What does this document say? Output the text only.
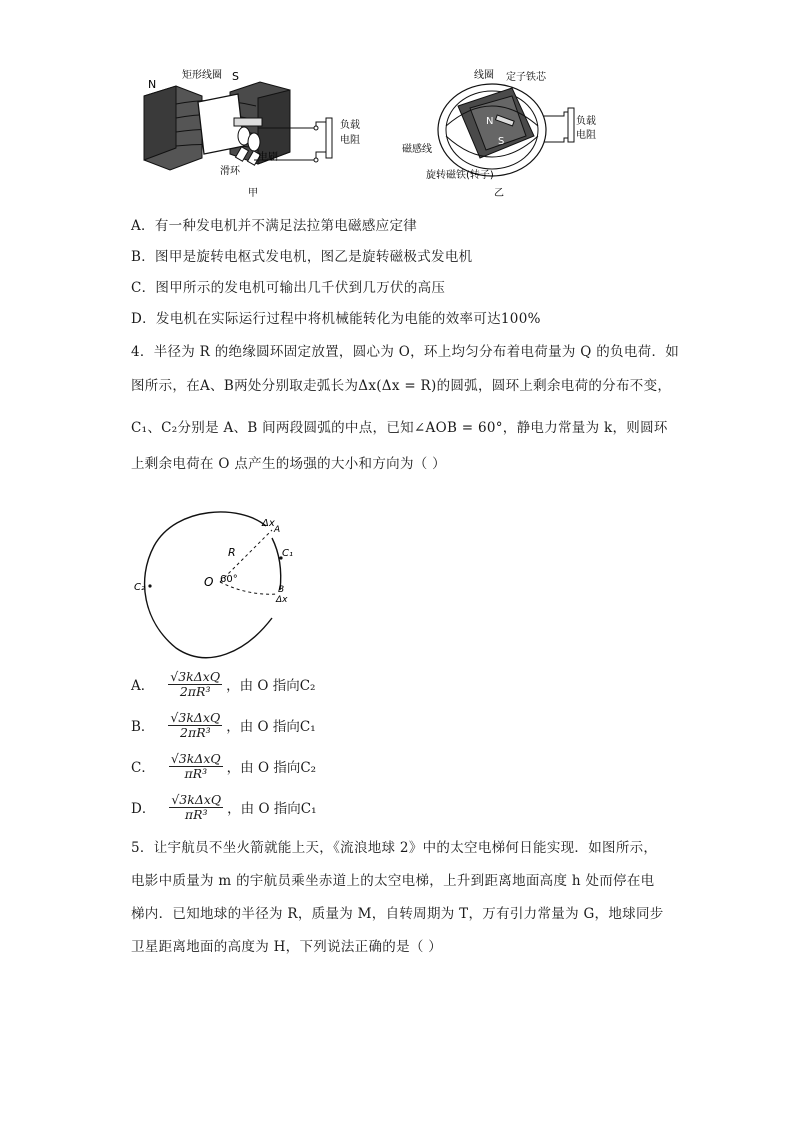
N
S
矩形线圈
负载
电阻
电刷
滑环
甲
线圈 定子铁芯
N
S
磁感线
负载
电阻
旋转磁铁(转子)
乙
A．有一种发电机并不满足法拉第电磁感应定律
B．图甲是旋转电枢式发电机，图乙是旋转磁极式发电机
C．图甲所示的发电机可输出几千伏到几万伏的高压
D．发电机在实际运行过程中将机械能转化为电能的效率可达100%
4．半径为 R 的绝缘圆环固定放置，圆心为 O，环上均匀分布着电荷量为 Q 的负电荷．如
图所示，在A、B两处分别取走弧长为Δx(Δx = R)的圆弧，圆环上剩余电荷的分布不变，
C₁、C₂分别是 A、B 间两段圆弧的中点，已知∠AOB = 60°，静电力常量为 k，则圆环
上剩余电荷在 O 点产生的场强的大小和方向为（ ）
Δx
A
R	C₁
O 60°
B
Δx
C₂
A． $\frac{\text{√3kΔxQ}}{\text{2πR³}}$ ，由 O 指向C₂
B． $\frac{\text{√3kΔxQ}}{\text{2πR³}}$ ，由 O 指向C₁
C． $\frac{\text{√3kΔxQ}}{\text{πR³}}$ ，由 O 指向C₂
D． $\frac{\text{√3kΔxQ}}{\text{πR³}}$ ，由 O 指向C₁
5．让宇航员不坐火箭就能上天，《流浪地球 2》中的太空电梯何日能实现．如图所示，
电影中质量为 m 的宇航员乘坐赤道上的太空电梯，上升到距离地面高度 h 处而停在电
梯内．已知地球的半径为 R，质量为 M，自转周期为 T，万有引力常量为 G，地球同步
卫星距离地面的高度为 H，下列说法正确的是（ ）
